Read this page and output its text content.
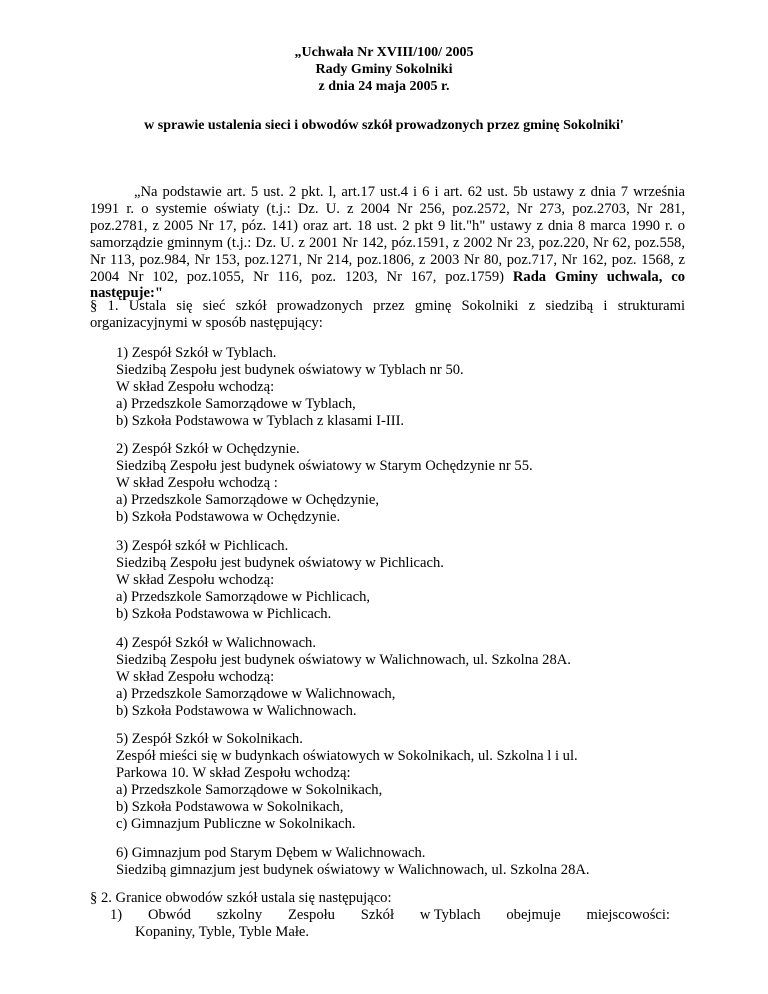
„Uchwała Nr XVIII/100/ 2005
Rady Gminy Sokolniki
z dnia 24 maja 2005 r.
w sprawie ustalenia sieci i obwodów szkół prowadzonych przez gminę Sokolniki'
„Na podstawie art. 5 ust. 2 pkt. l, art.17 ust.4 i 6 i art. 62 ust. 5b ustawy z dnia 7 września 1991 r. o systemie oświaty (t.j.: Dz. U. z 2004 Nr 256, poz.2572, Nr 273, poz.2703, Nr 281, poz.2781, z 2005 Nr 17, póz. 141) oraz art. 18 ust. 2 pkt 9 lit."h" ustawy z dnia 8 marca 1990 r. o samorządzie gminnym (t.j.: Dz. U. z 2001 Nr 142, póz.1591, z 2002 Nr 23, poz.220, Nr 62, poz.558, Nr 113, poz.984, Nr 153, poz.1271, Nr 214, poz.1806, z 2003 Nr 80, poz.717, Nr 162, poz. 1568, z 2004 Nr 102, poz.1055, Nr 116, poz. 1203, Nr 167, poz.1759) Rada Gminy uchwala, co następuje:"
§ 1. Ustala się sieć szkół prowadzonych przez gminę Sokolniki z siedzibą i strukturami organizacyjnymi w sposób następujący:
1) Zespół Szkół w Tyblach.
Siedzibą Zespołu jest budynek oświatowy w Tyblach nr 50.
W skład Zespołu wchodzą:
a) Przedszkole Samorządowe w Tyblach,
b) Szkoła Podstawowa w Tyblach z klasami I-III.
2) Zespół Szkół w Ochędzynie.
Siedzibą Zespołu jest budynek oświatowy w Starym Ochędzynie nr 55.
W skład Zespołu wchodzą :
a) Przedszkole Samorządowe w Ochędzynie,
b) Szkoła Podstawowa w Ochędzynie.
3) Zespół szkół w Pichlicach.
Siedzibą Zespołu jest budynek oświatowy w Pichlicach.
W skład Zespołu wchodzą:
a) Przedszkole Samorządowe w Pichlicach,
b) Szkoła Podstawowa w Pichlicach.
4) Zespół Szkół w Walichnowach.
Siedzibą Zespołu jest budynek oświatowy w Walichnowach, ul. Szkolna 28A.
W skład Zespołu wchodzą:
a) Przedszkole Samorządowe w Walichnowach,
b) Szkoła Podstawowa w Walichnowach.
5) Zespół Szkół w Sokolnikach.
Zespół mieści się w budynkach oświatowych w Sokolnikach, ul. Szkolna l i ul.
Parkowa 10. W skład Zespołu wchodzą:
a) Przedszkole Samorządowe w Sokolnikach,
b) Szkoła Podstawowa w Sokolnikach,
c) Gimnazjum Publiczne w Sokolnikach.
6) Gimnazjum pod Starym Dębem w Walichnowach.
Siedzibą gimnazjum jest budynek oświatowy w Walichnowach, ul. Szkolna 28A.
§ 2. Granice obwodów szkół ustala się następująco:
1) Obwód szkolny Zespołu Szkół w Tyblach obejmuje miejscowości:
Kopaniny, Tyble, Tyble Małe.
